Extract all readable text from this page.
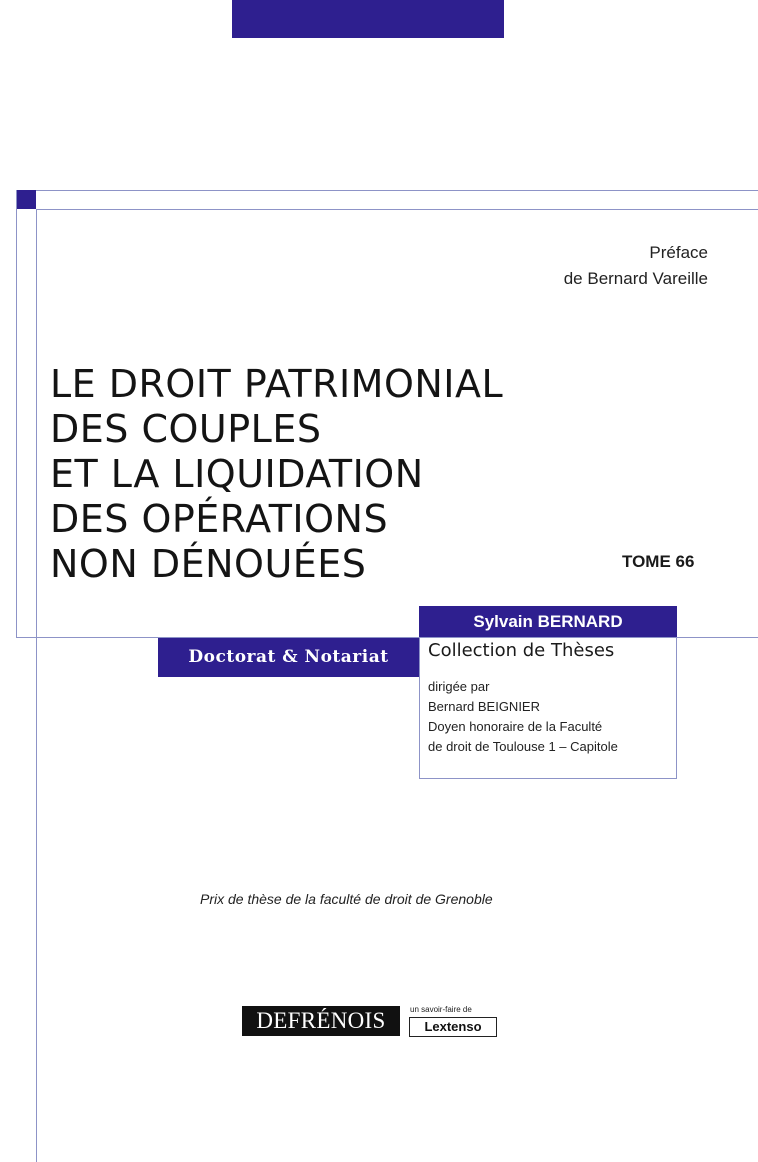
Préface
de Bernard Vareille
LE DROIT PATRIMONIAL
DES COUPLES
ET LA LIQUIDATION
DES OPÉRATIONS
NON DÉNOUÉES	TOME 66
Sylvain BERNARD
Collection de Thèses
dirigée par
Bernard BEIGNIER
Doyen honoraire de la Faculté
de droit de Toulouse 1 – Capitole
Doctorat & Notariat
Prix de thèse de la faculté de droit de Grenoble
DEFRÉNOIS	un savoir-faire de
Lextenso
